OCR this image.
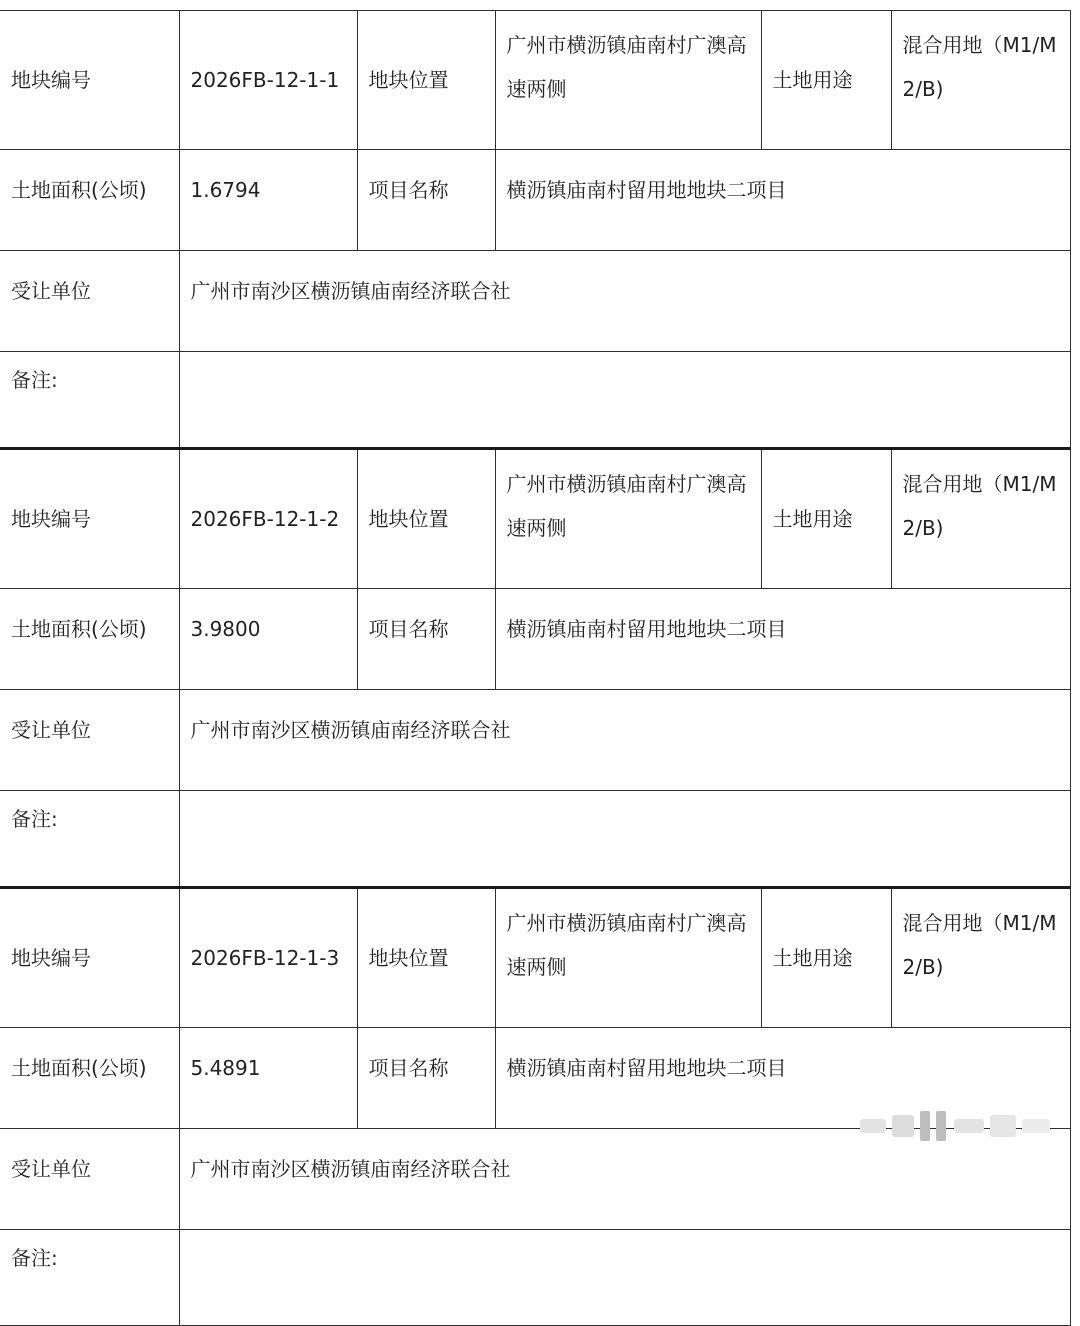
地块编号	2026FB-12-1-1	地块位置	广州市横沥镇庙南村广澳高速两侧	土地用途	混合用地（M1/M2/B)
土地面积(公顷)	1.6794	项目名称	横沥镇庙南村留用地地块二项目		
受让单位	广州市南沙区横沥镇庙南经济联合社				
备注:					
地块编号	2026FB-12-1-2	地块位置	广州市横沥镇庙南村广澳高速两侧	土地用途	混合用地（M1/M2/B)
土地面积(公顷)	3.9800	项目名称	横沥镇庙南村留用地地块二项目		
受让单位	广州市南沙区横沥镇庙南经济联合社				
备注:					
地块编号	2026FB-12-1-3	地块位置	广州市横沥镇庙南村广澳高速两侧	土地用途	混合用地（M1/M2/B)
土地面积(公顷)	5.4891	项目名称	横沥镇庙南村留用地地块二项目		
受让单位	广州市南沙区横沥镇庙南经济联合社				
备注:					
